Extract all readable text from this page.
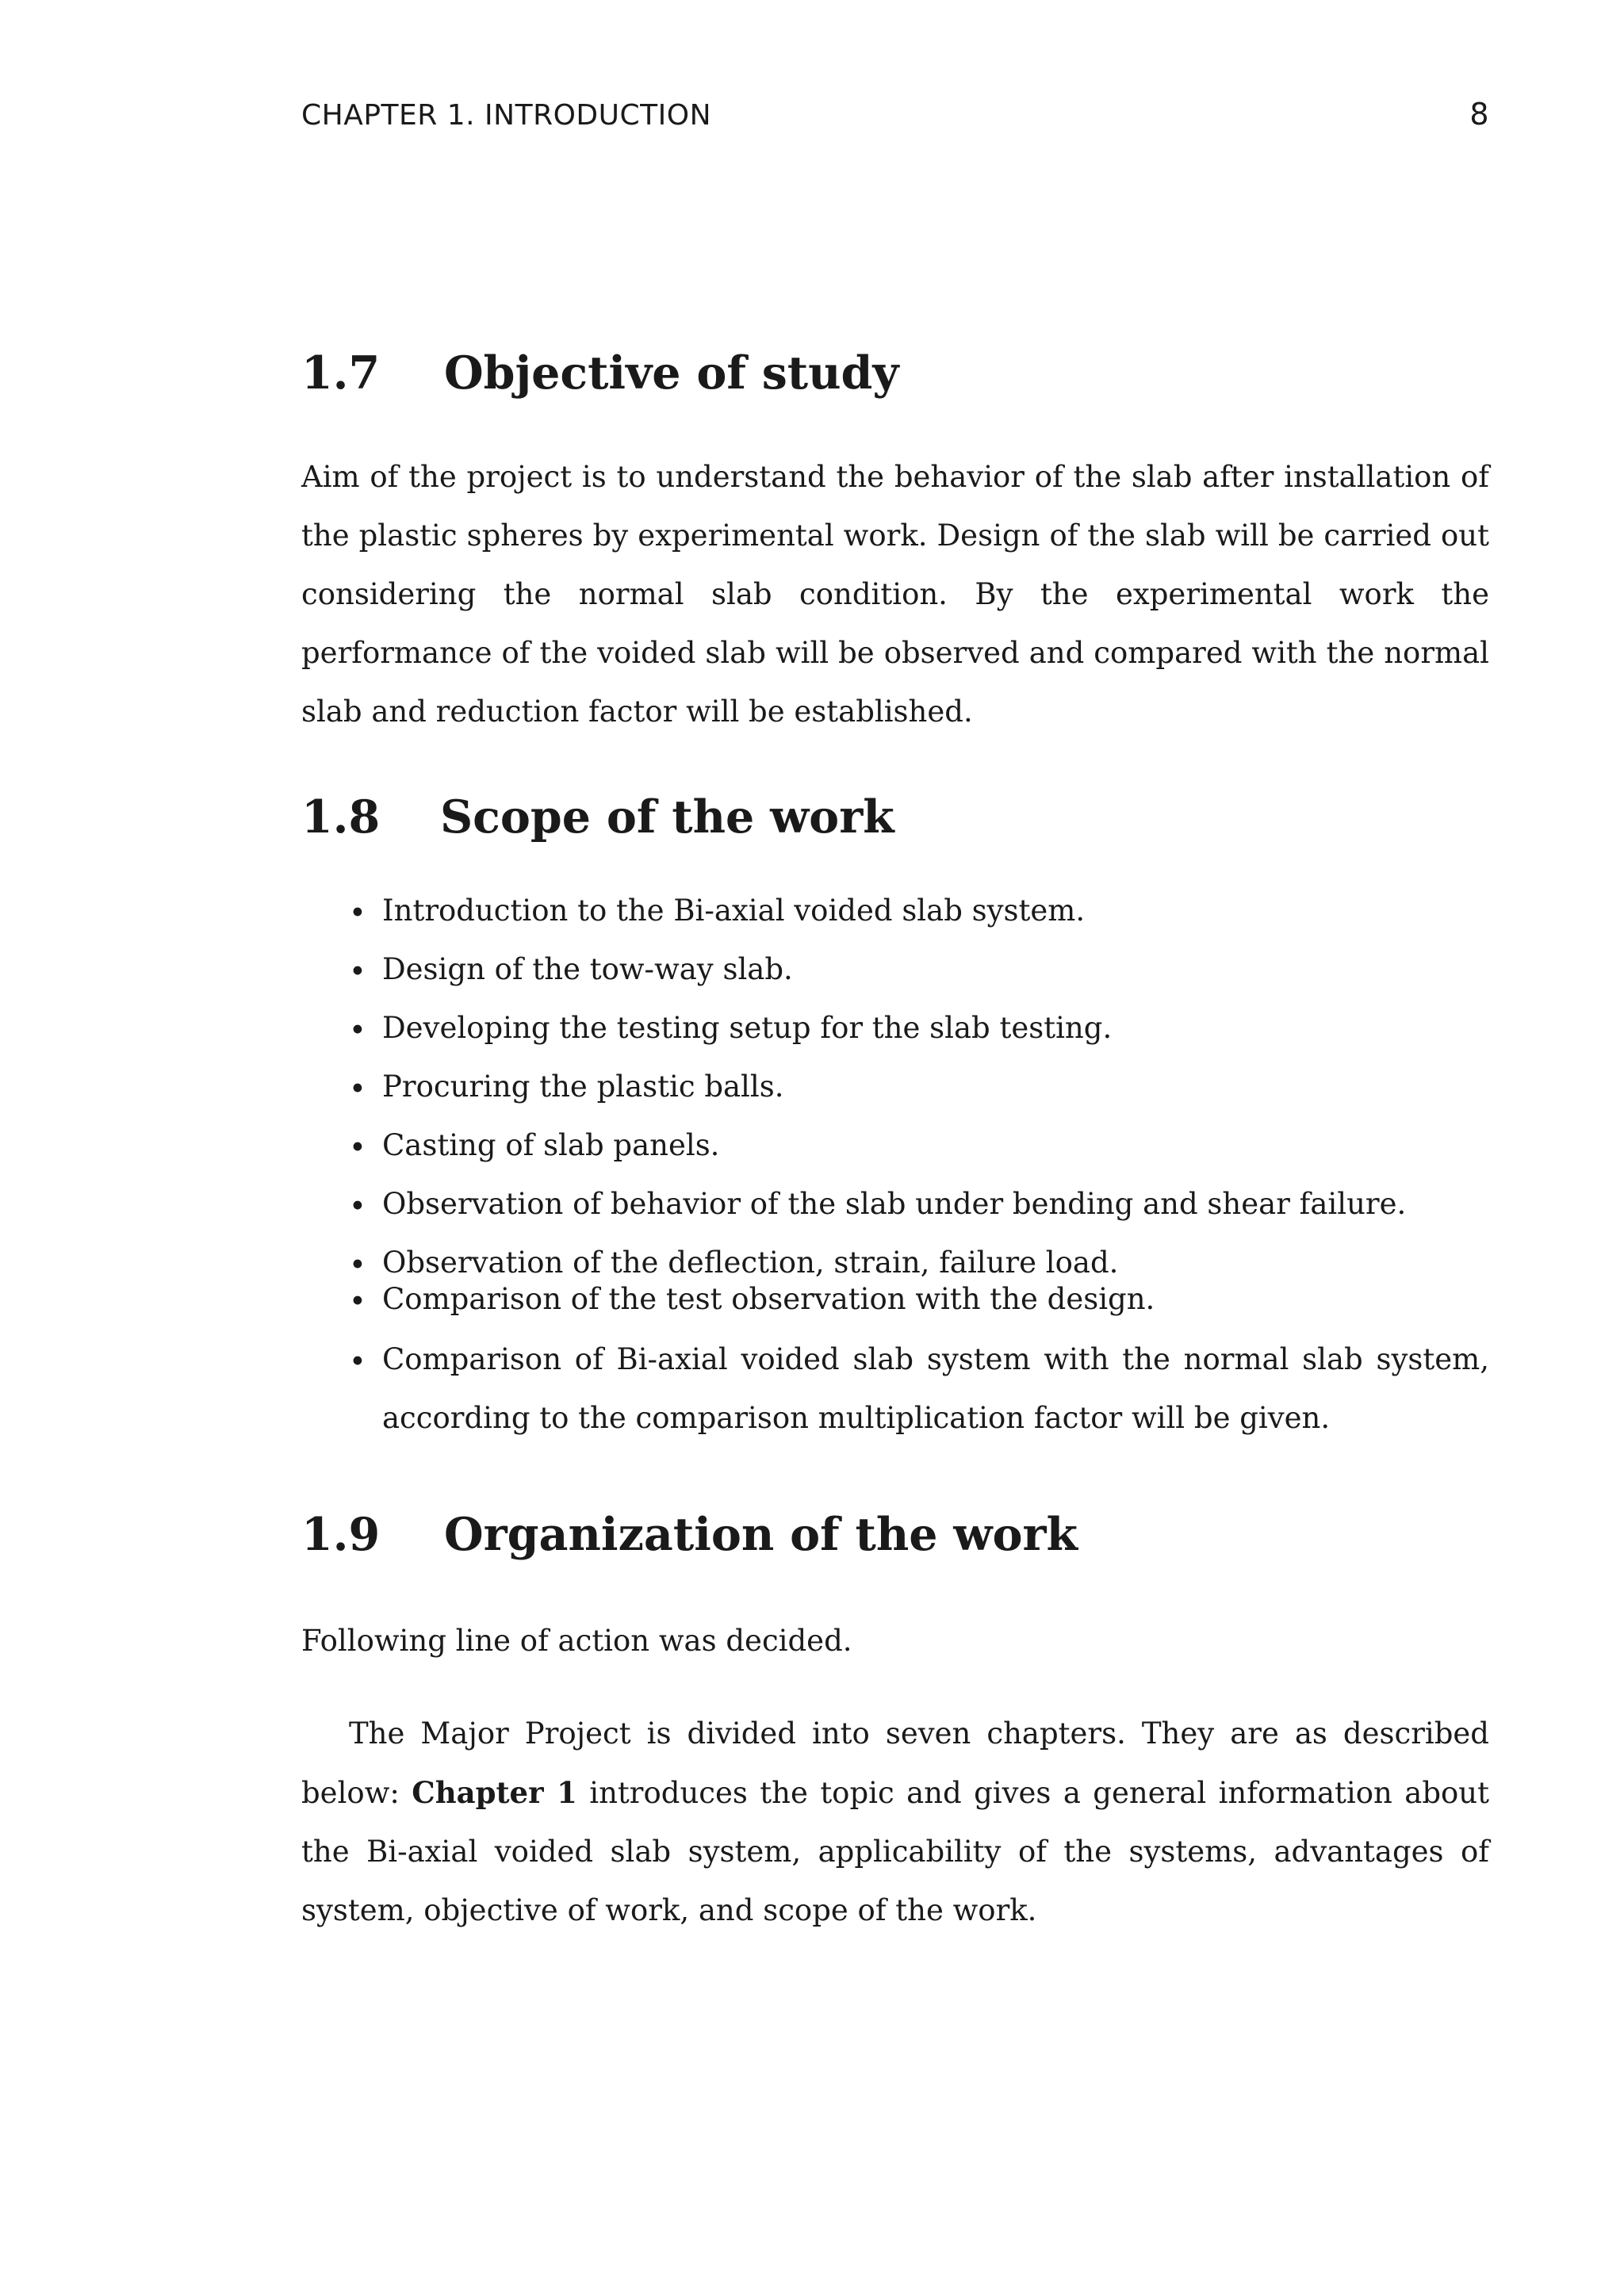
CHAPTER 1. INTRODUCTION	8
1.7	Objective of study
Aim of the project is to understand the behavior of the slab after installation of the plastic spheres by experimental work. Design of the slab will be carried out considering the normal slab condition. By the experimental work the performance of the voided slab will be observed and compared with the normal slab and reduction factor will be established.
1.8	Scope of the work
• Introduction to the Bi-axial voided slab system.
• Design of the tow-way slab.
• Developing the testing setup for the slab testing.
• Procuring the plastic balls.
• Casting of slab panels.
• Observation of behavior of the slab under bending and shear failure.
• Observation of the deflection, strain, failure load.
• Comparison of the test observation with the design.
• Comparison of Bi-axial voided slab system with the normal slab system, according to the comparison multiplication factor will be given.
1.9	Organization of the work
Following line of action was decided.
The Major Project is divided into seven chapters. They are as described below: Chapter 1 introduces the topic and gives a general information about the Bi-axial voided slab system, applicability of the systems, advantages of system, objective of work, and scope of the work.
